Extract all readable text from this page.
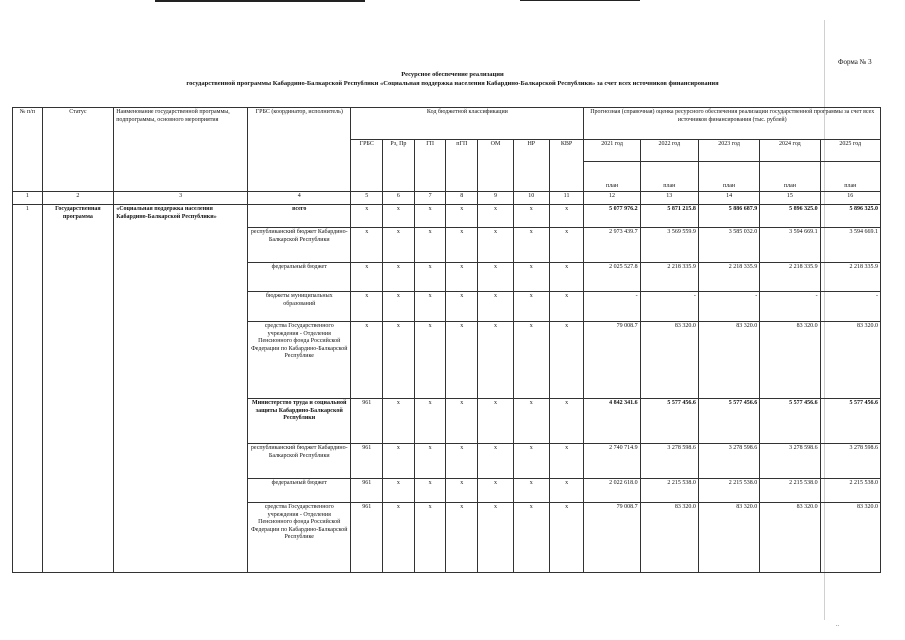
Форма № 3
Ресурсное обеспечение реализации
государственной программы Кабардино-Балкарской Республики «Социальная поддержка населения Кабардино-Балкарской Республики» за счет всех источников финансирования
№ п/п	Статус	Наименование государственной программы, подпрограммы, основного мероприятия	ГРБС (координатор, исполнитель)	Код бюджетной классификации							Прогнозная (справочная) оценка ресурсного обеспечения реализации государственной программы за счет всех источников финансирования (тыс. рублей)				
				ГРБС	Рз, Пр	ГП	пГП	ОМ	НР	КВР	2021 год	2022 год	2023 год	2024 год	2025 год
											план	план	план	план	план
1	2	3	4	5	6	7	8	9	10	11	12	13	14	15	16
1	Государственная программа	«Социальная поддержка населения Кабардино-Балкарской Республики»	всего	x	x	x	x	x	x	x	5 077 976.2	5 871 215.8	5 886 687.9	5 896 325.0	5 896 325.0
			республиканский бюджет Кабардино-Балкарской Республики	x	x	x	x	x	x	x	2 973 439.7	3 569 559.9	3 585 032.0	3 594 669.1	3 594 669.1
			федеральный бюджет	x	x	x	x	x	x	x	2 025 527.8	2 218 335.9	2 218 335.9	2 218 335.9	2 218 335.9
			бюджеты муниципальных образований	x	x	x	x	x	x	x	-	-	-	-	-
			средства Государственного учреждения - Отделения Пенсионного фонда Российской Федерации по Кабардино-Балкарской Республике	x	x	x	x	x	x	x	79 008.7	83 320.0	83 320.0	83 320.0	83 320.0
			Министерство труда и социальной защиты Кабардино-Балкарской Республики	961	x	x	x	x	x	x	4 842 341.6	5 577 456.6	5 577 456.6	5 577 456.6	5 577 456.6
			республиканский бюджет Кабардино-Балкарской Республики	961	x	x	x	x	x	x	2 740 714.9	3 278 598.6	3 278 598.6	3 278 598.6	3 278 598.6
			федеральный бюджет	961	x	x	x	x	x	x	2 022 618.0	2 215 538.0	2 215 538.0	2 215 538.0	2 215 538.0
			средства Государственного учреждения - Отделения Пенсионного фонда Российской Федерации по Кабардино-Балкарской Республике	961	x	x	x	x	x	x	79 008.7	83 320.0	83 320.0	83 320.0	83 320.0
..
